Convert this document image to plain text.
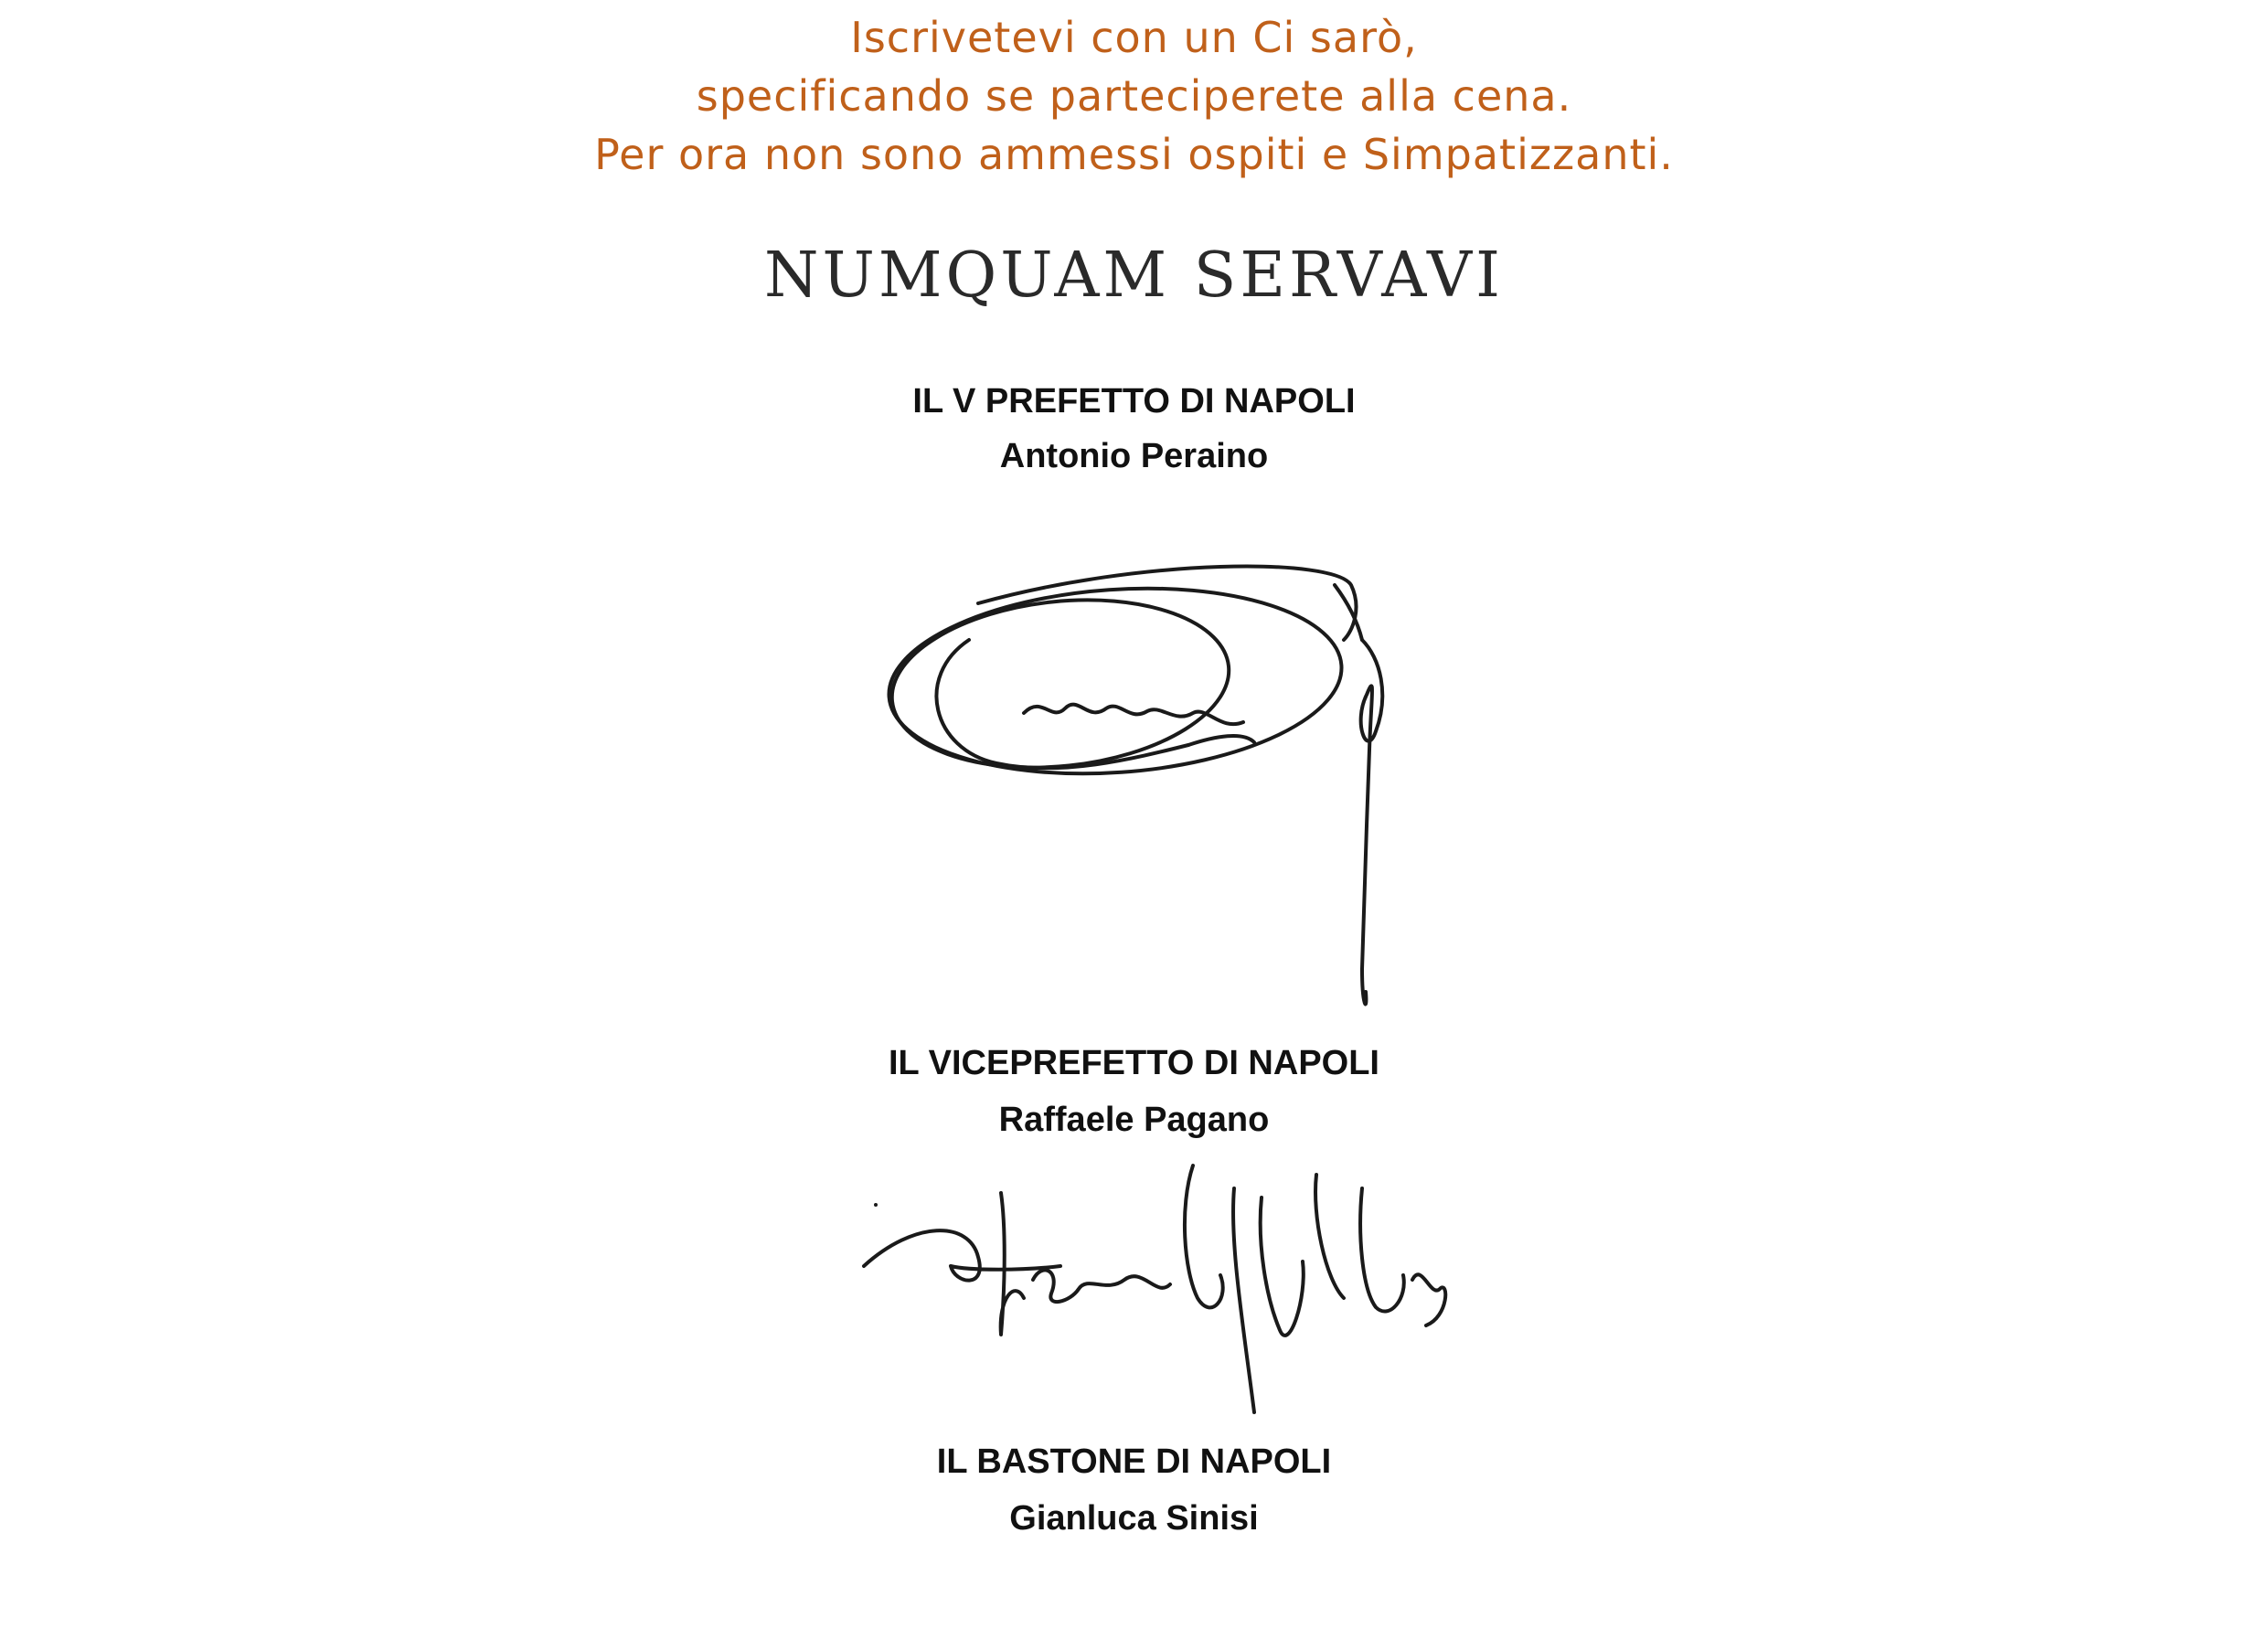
Iscrivetevi con un Ci sarò,
specificando se parteciperete alla cena.
Per ora non sono ammessi ospiti e Simpatizzanti.
NUMQUAM SERVAVI
IL V PREFETTO DI NAPOLI
Antonio Peraino
IL VICEPREFETTO DI NAPOLI
Raffaele Pagano
IL BASTONE DI NAPOLI
Gianluca Sinisi
